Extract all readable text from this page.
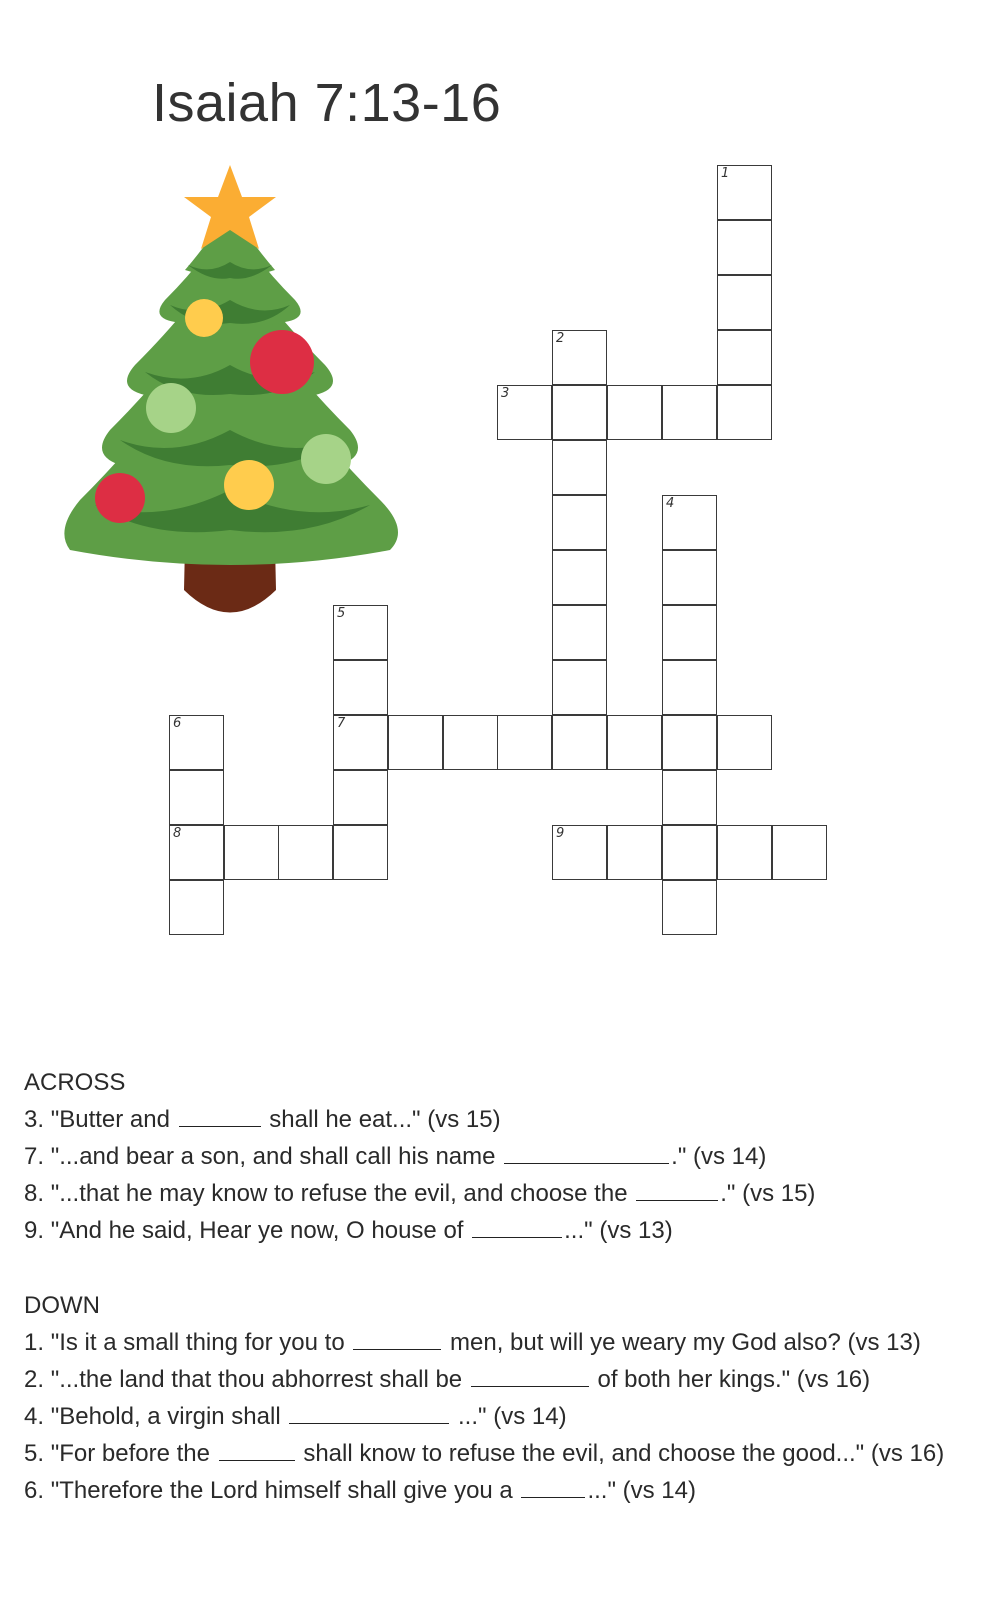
Isaiah 7:13-16
1
2
3
4
5
7
6
8	9
ACROSS
3. "Butter and	shall he eat..." (vs 15)
7. "...and bear a son, and shall call his name	." (vs 14)
8. "...that he may know to refuse the evil, and choose the	." (vs 15)
9. "And he said, Hear ye now, O house of	..." (vs 13)
DOWN
1. "Is it a small thing for you to	men, but will ye weary my God also? (vs 13)
2. "...the land that thou abhorrest shall be	of both her kings." (vs 16)
4. "Behold, a virgin shall	..." (vs 14)
5. "For before the	shall know to refuse the evil, and choose the good..." (vs 16)
6. "Therefore the Lord himself shall give you a	..." (vs 14)
